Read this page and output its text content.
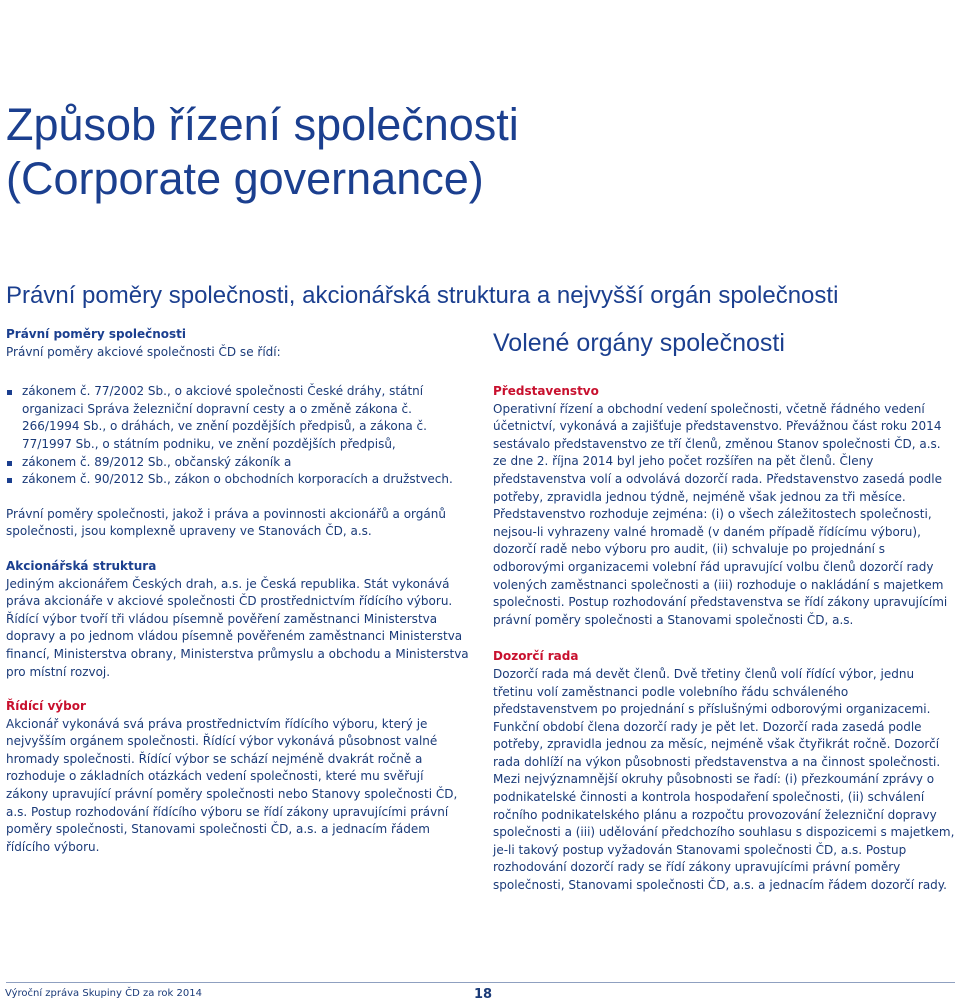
Způsob řízení společnosti
(Corporate governance)
Právní poměry společnosti, akcionářská struktura a nejvyšší orgán společnosti
Volené orgány společnosti

Právní poměry společnosti

Právní poměry akciové společnosti ČD se řídí:

zákonem č. 77/2002 Sb., o akciové společnosti České dráhy, státní organizaci Správa železniční dopravní cesty a o změně zákona č. 266/1994 Sb., o dráhách, ve znění pozdějších předpisů, a zákona č. 77/1997 Sb., o státním podniku, ve znění pozdějších předpisů,
zákonem č. 89/2012 Sb., občanský zákoník a
zákonem č. 90/2012 Sb., zákon o obchodních korporacích a družstvech.

Právní poměry společnosti, jakož i práva a povinnosti akcionářů a orgánů společnosti, jsou komplexně upraveny ve Stanovách ČD, a.s.

Akcionářská struktura

Jediným akcionářem Českých drah, a.s. je Česká republika. Stát vykonává práva akcionáře v akciové společnosti ČD prostřednictvím řídícího výboru. Řídící výbor tvoří tři vládou písemně pověření zaměstnanci Ministerstva dopravy a po jednom vládou písemně pověřeném zaměstnanci Ministerstva financí, Ministerstva obrany, Ministerstva průmyslu a obchodu a Ministerstva pro místní rozvoj.

Řídící výbor

Akcionář vykonává svá práva prostřednictvím řídícího výboru, který je nejvyšším orgánem společnosti. Řídící výbor vykonává působnost valné hromady společnosti. Řídící výbor se schází nejméně dvakrát ročně a rozhoduje o základních otázkách vedení společnosti, které mu svěřují zákony upravující právní poměry společnosti nebo Stanovy společnosti ČD, a.s. Postup rozhodování řídícího výboru se řídí zákony upravujícími právní poměry společnosti, Stanovami společnosti ČD, a.s. a jednacím řádem řídícího výboru.

Představenstvo

Operativní řízení a obchodní vedení společnosti, včetně řádného vedení účetnictví, vykonává a zajišťuje představenstvo. Převážnou část roku 2014 sestávalo představenstvo ze tří členů, změnou Stanov společnosti ČD, a.s. ze dne 2. října 2014 byl jeho počet rozšířen na pět členů. Členy představenstva volí a odvolává dozorčí rada. Představenstvo zasedá podle potřeby, zpravidla jednou týdně, nejméně však jednou za tři měsíce. Představenstvo rozhoduje zejména: (i) o všech záležitostech společnosti, nejsou-li vyhrazeny valné hromadě (v daném případě řídícímu výboru), dozorčí radě nebo výboru pro audit, (ii) schvaluje po projednání s odborovými organizacemi volební řád upravující volbu členů dozorčí rady volených zaměstnanci společnosti a (iii) rozhoduje o nakládání s majetkem společnosti. Postup rozhodování představenstva se řídí zákony upravujícími právní poměry společnosti a Stanovami společnosti ČD, a.s.

Dozorčí rada

Dozorčí rada má devět členů. Dvě třetiny členů volí řídící výbor, jednu třetinu volí zaměstnanci podle volebního řádu schváleného představenstvem po projednání s příslušnými odborovými organizacemi. Funkční období člena dozorčí rady je pět let. Dozorčí rada zasedá podle potřeby, zpravidla jednou za měsíc, nejméně však čtyřikrát ročně. Dozorčí rada dohlíží na výkon působnosti představenstva a na činnost společnosti. Mezi nejvýznamnější okruhy působnosti se řadí: (i) přezkoumání zprávy o podnikatelské činnosti a kontrola hospodaření společnosti, (ii) schválení ročního podnikatelského plánu a rozpočtu provozování železniční dopravy společnosti a (iii) udělování předchozího souhlasu s dispozicemi s majetkem, je-li takový postup vyžadován Stanovami společnosti ČD, a.s. Postup rozhodování dozorčí rady se řídí zákony upravujícími právní poměry společnosti, Stanovami společnosti ČD, a.s. a jednacím řádem dozorčí rady.

Výroční zpráva Skupiny ČD za rok 2014	18
